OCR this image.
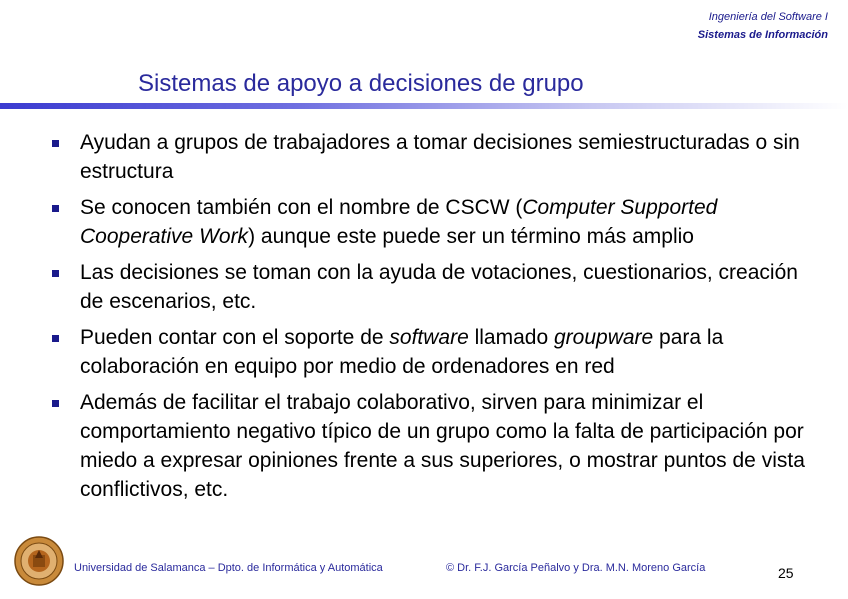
Ingeniería del Software I
Sistemas de Información
Sistemas de apoyo a decisiones de grupo
Ayudan a grupos de trabajadores a tomar decisiones semiestructuradas o sin estructura
Se conocen también con el nombre de CSCW (Computer Supported Cooperative Work) aunque este puede ser un término más amplio
Las decisiones se toman con la ayuda de votaciones, cuestionarios, creación de escenarios, etc.
Pueden contar con el soporte de software llamado groupware para la colaboración en equipo por medio de ordenadores en red
Además de facilitar el trabajo colaborativo, sirven para minimizar el comportamiento negativo típico de un grupo como la falta de participación por miedo a expresar opiniones frente a sus superiores, o mostrar puntos de vista conflictivos, etc.
Universidad de Salamanca – Dpto. de Informática y Automática	© Dr. F.J. García Peñalvo y Dra. M.N. Moreno García	25
